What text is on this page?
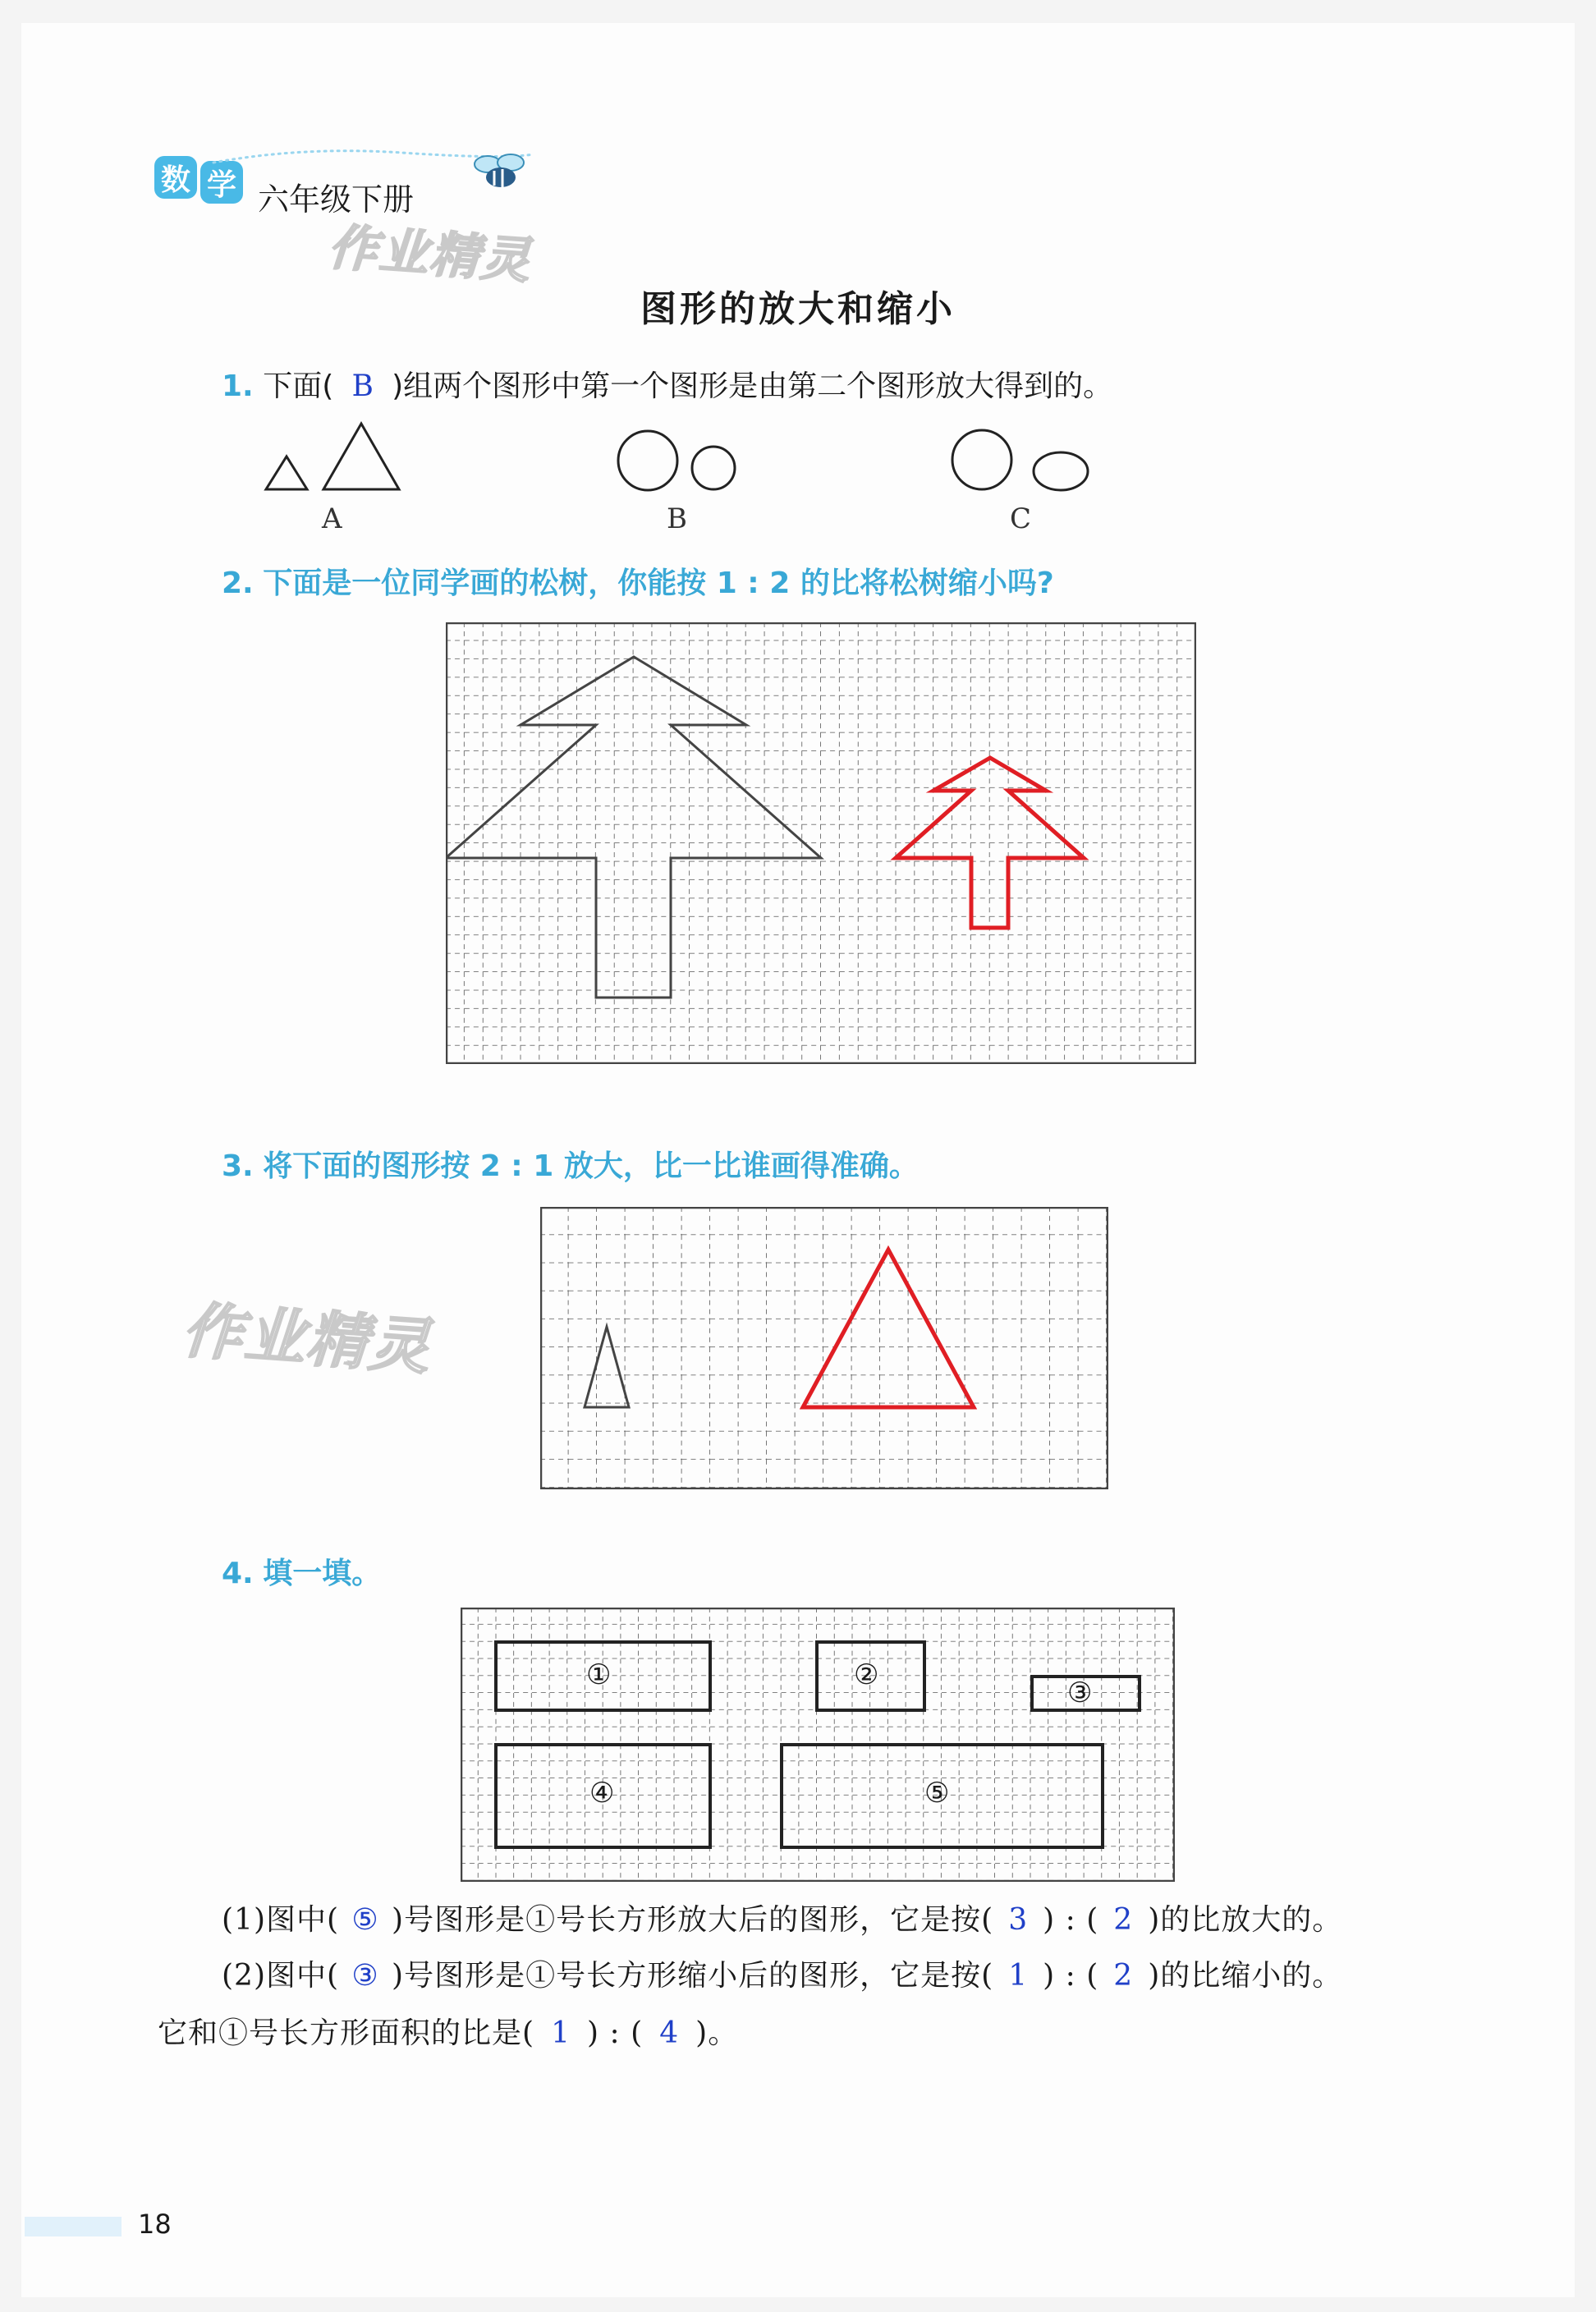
数 学 六年级下册
作业精灵
图形的放大和缩小
1. 下面( B )组两个图形中第一个图形是由第二个图形放大得到的。
A	B	C
2. 下面是一位同学画的松树，你能按 1 : 2 的比将松树缩小吗?
3. 将下面的图形按 2 : 1 放大，比一比谁画得准确。
作业精灵
4. 填一填。
①	②
③
④	⑤
(1)图中( ⑤ )号图形是①号长方形放大后的图形，它是按( 3 ) : ( 2 )的比放大的。
(2)图中( ③ )号图形是①号长方形缩小后的图形，它是按( 1 ) : ( 2 )的比缩小的。
它和①号长方形面积的比是( 1 ) : ( 4 )。
18
